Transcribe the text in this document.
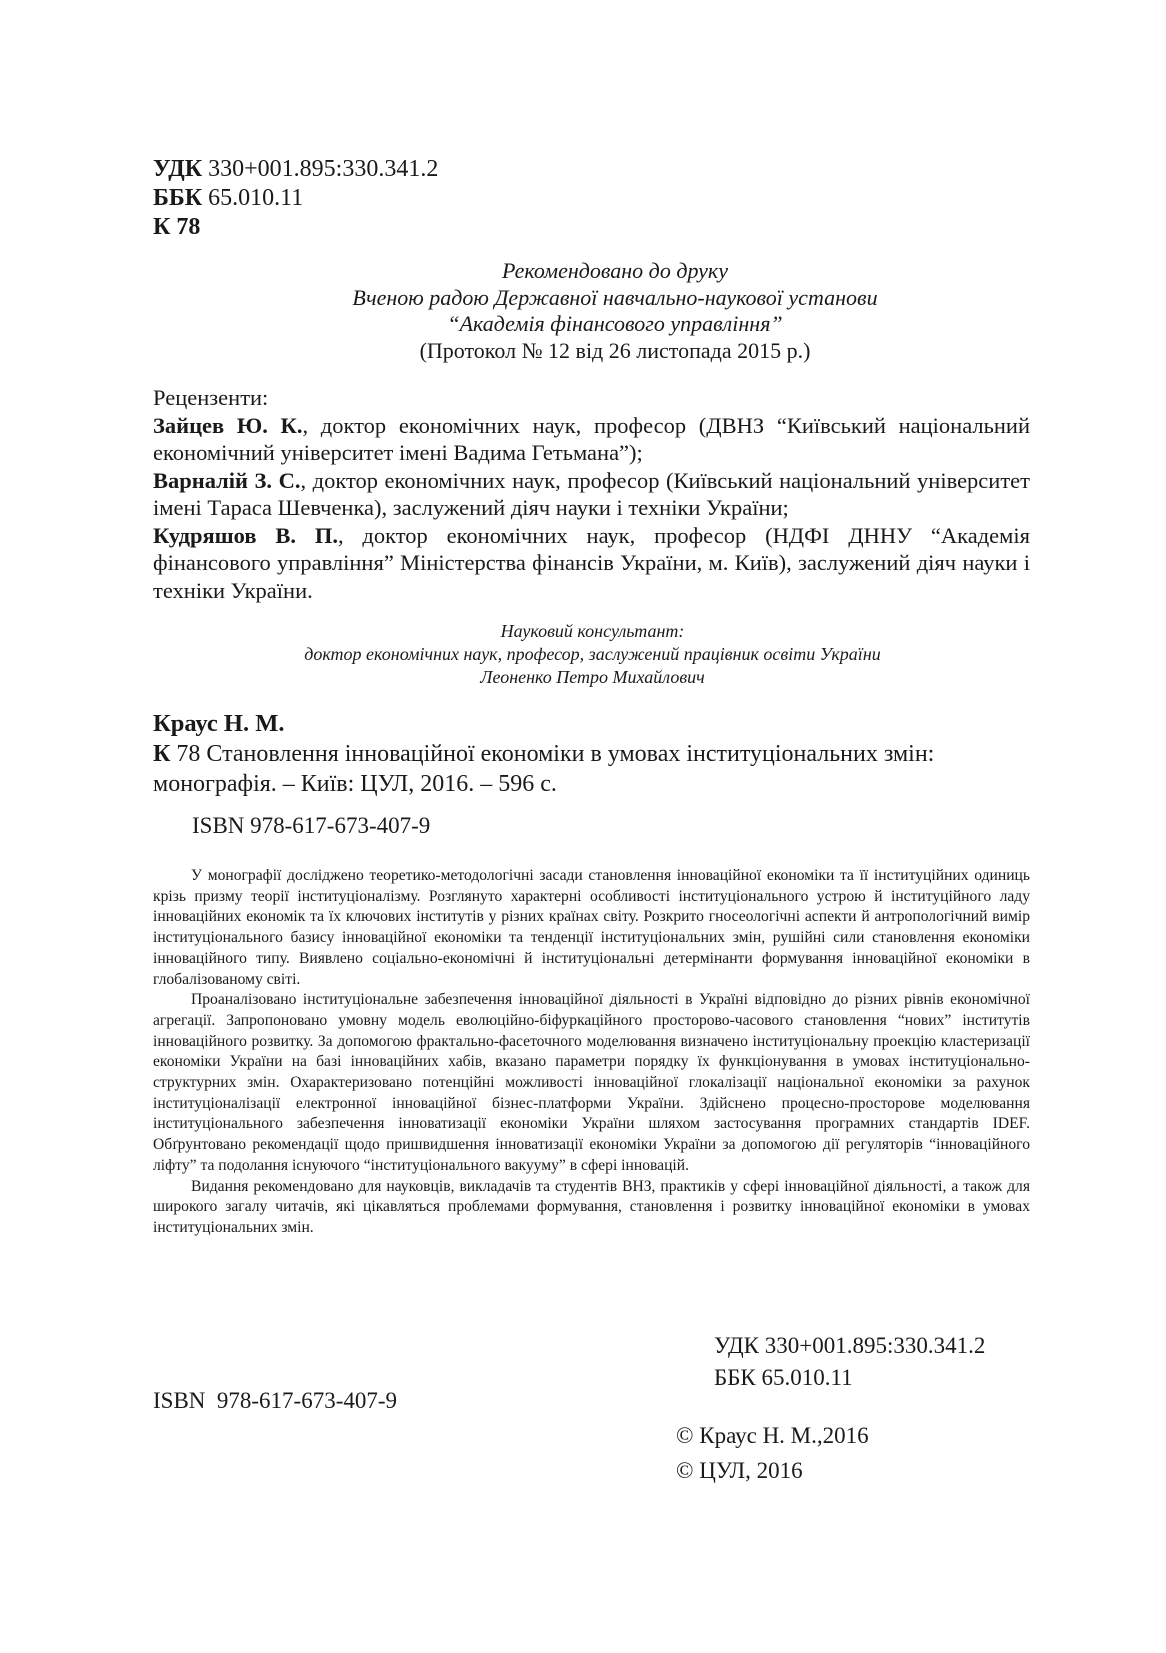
УДК 330+001.895:330.341.2
ББК 65.010.11
К 78
Рекомендовано до друку
Вченою радою Державної навчально-наукової установи
“Академія фінансового управління”
(Протокол № 12 від 26 листопада 2015 р.)
Рецензенти:
Зайцев Ю. К., доктор економічних наук, професор (ДВНЗ “Київський національний економічний університет імені Вадима Гетьмана”);
Варналій З. С., доктор економічних наук, професор (Київський національний університет імені Тараса Шевченка), заслужений діяч науки і техніки України;
Кудряшов В. П., доктор економічних наук, професор (НДФІ ДННУ “Академія фінансового управління” Міністерства фінансів України, м. Київ), заслужений діяч науки і техніки України.
Науковий консультант:
доктор економічних наук, професор, заслужений працівник освіти України
Леоненко Петро Михайлович
Краус Н. М.
К 78 Становлення інноваційної економіки в умовах інституціональних змін:
монографія. – Київ: ЦУЛ, 2016. – 596 с.
ISBN 978-617-673-407-9

У монографії досліджено теоретико-методологічні засади становлення інноваційної економіки та її інституційних одиниць крізь призму теорії інституціоналізму. Розглянуто характерні особливості інституціонального устрою й інституційного ладу інноваційних економік та їх ключових інститутів у різних країнах світу. Розкрито гносеологічні аспекти й антропологічний вимір інституціонального базису інноваційної економіки та тенденції інституціональних змін, рушійні сили становлення економіки інноваційного типу. Виявлено соціально-економічні й інституціональні детермінанти формування інноваційної економіки в глобалізованому світі.

Проаналізовано інституціональне забезпечення інноваційної діяльності в Україні відповідно до різних рівнів економічної агрегації. Запропоновано умовну модель еволюційно-біфуркаційного просторово-часового становлення “нових” інститутів інноваційного розвитку. За допомогою фрактально-фасеточного моделювання визначено інституціональну проекцію кластеризації економіки України на базі інноваційних хабів, вказано параметри порядку їх функціонування в умовах інституціонально-структурних змін. Охарактеризовано потенційні можливості інноваційної глокалізації національної економіки за рахунок інституціоналізації електронної інноваційної бізнес-платформи України. Здійснено процесно-просторове моделювання інституціонального забезпечення інноватизації економіки України шляхом застосування програмних стандартів IDEF. Обґрунтовано рекомендації щодо пришвидшення інноватизації економіки України за допомогою дії регуляторів “інноваційного ліфту” та подолання існуючого “інституціонального вакууму” в сфері інновацій.

Видання рекомендовано для науковців, викладачів та студентів ВНЗ, практиків у сфері інноваційної діяльності, а також для широкого загалу читачів, які цікавляться проблемами формування, становлення і розвитку інноваційної економіки в умовах інституціональних змін.

УДК 330+001.895:330.341.2
ББК 65.010.11
ISBN  978-617-673-407-9
© Краус Н. М.,2016
© ЦУЛ, 2016
